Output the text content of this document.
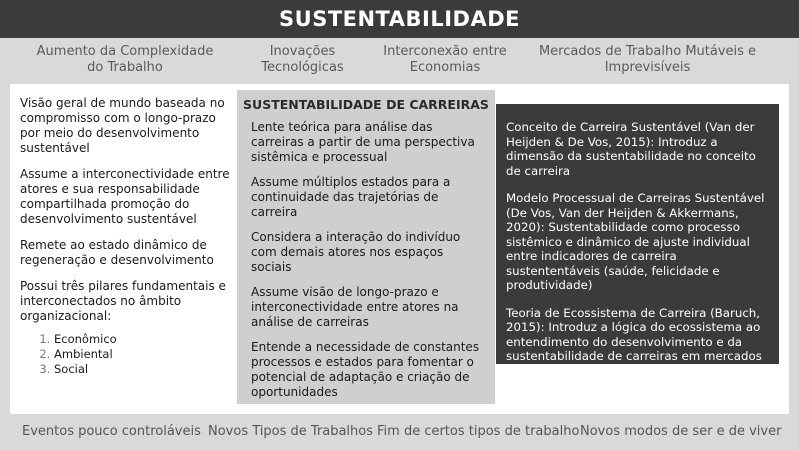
SUSTENTABILIDADE
Aumento da Complexidade do Trabalho
Inovações Tecnológicas
Interconexão entre Economias
Mercados de Trabalho Mutáveis e Imprevisíveis

Visão geral de mundo baseada no compromisso com o longo-prazo por meio do desenvolvimento sustentável

Assume a interconectividade entre atores e sua responsabilidade compartilhada promoção do desenvolvimento sustentável

Remete ao estado dinâmico de regeneração e desenvolvimento

Possui três pilares fundamentais e interconectados no âmbito organizacional:

1. Econômico
2. Ambiental
3. Social
SUSTENTABILIDADE DE CARREIRAS

Lente teórica para análise das carreiras a partir de uma perspectiva sistêmica e processual

Assume múltiplos estados para a continuidade das trajetórias de carreira

Considera a interação do indivíduo com demais atores nos espaços sociais

Assume visão de longo-prazo e interconectividade entre atores na análise de carreiras

Entende a necessidade de constantes processos e estados para fomentar o potencial de adaptação e criação de oportunidades

Conceito de Carreira Sustentável (Van der Heijden & De Vos, 2015): Introduz a dimensão da sustentabilidade no conceito de carreira

Modelo Processual de Carreiras Sustentável (De Vos, Van der Heijden & Akkermans, 2020): Sustentabilidade como processo sistêmico e dinâmico de ajuste individual entre indicadores de carreira sustententáveis (saúde, felicidade e produtividade)

Teoria de Ecossistema de Carreira (Baruch, 2015): Introduz a lógica do ecossistema ao entendimento do desenvolvimento e da sustentabilidade de carreiras em mercados de trabalho dinâmicos

Eventos pouco controláveis Novos Tipos de Trabalhos Fim de certos tipos de trabalho Novos modos de ser e de viver
